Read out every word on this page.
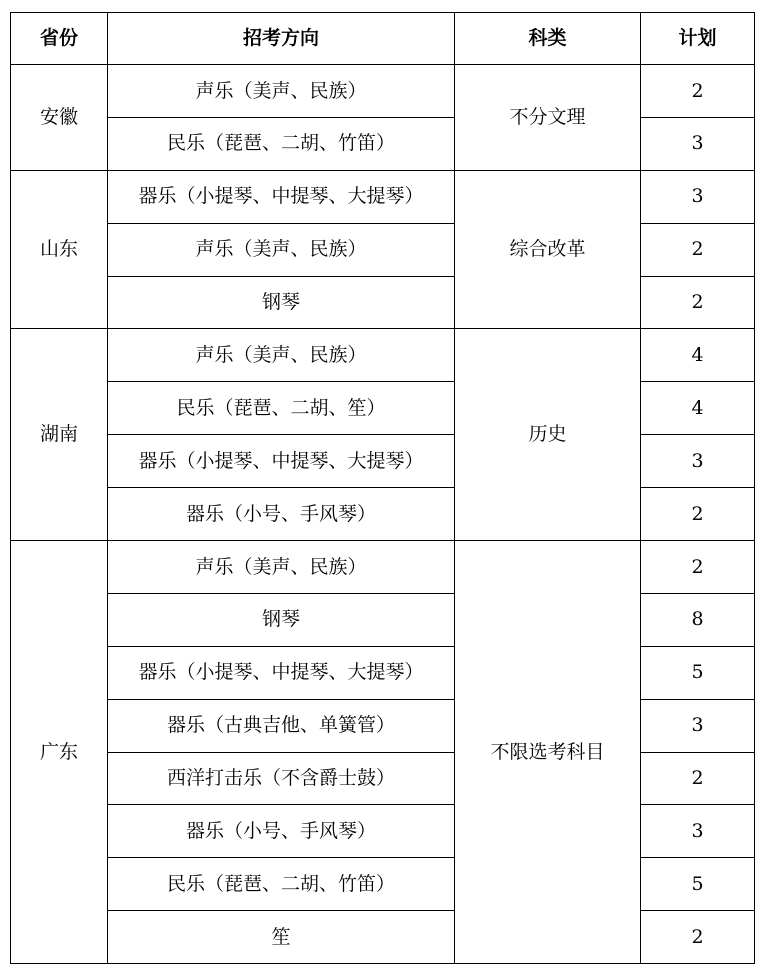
省份	招考方向	科类	计划
安徽	声乐（美声、民族）	不分文理	2
	民乐（琵琶、二胡、竹笛）		3
山东	器乐（小提琴、中提琴、大提琴）	综合改革	3
	声乐（美声、民族）		2
	钢琴		2
湖南	声乐（美声、民族）	历史	4
	民乐（琵琶、二胡、笙）		4
	器乐（小提琴、中提琴、大提琴）		3
	器乐（小号、手风琴）		2
广东	声乐（美声、民族）	不限选考科目	2
	钢琴		8
	器乐（小提琴、中提琴、大提琴）		5
	器乐（古典吉他、单簧管）		3
	西洋打击乐（不含爵士鼓）		2
	器乐（小号、手风琴）		3
	民乐（琵琶、二胡、竹笛）		5
	笙		2
